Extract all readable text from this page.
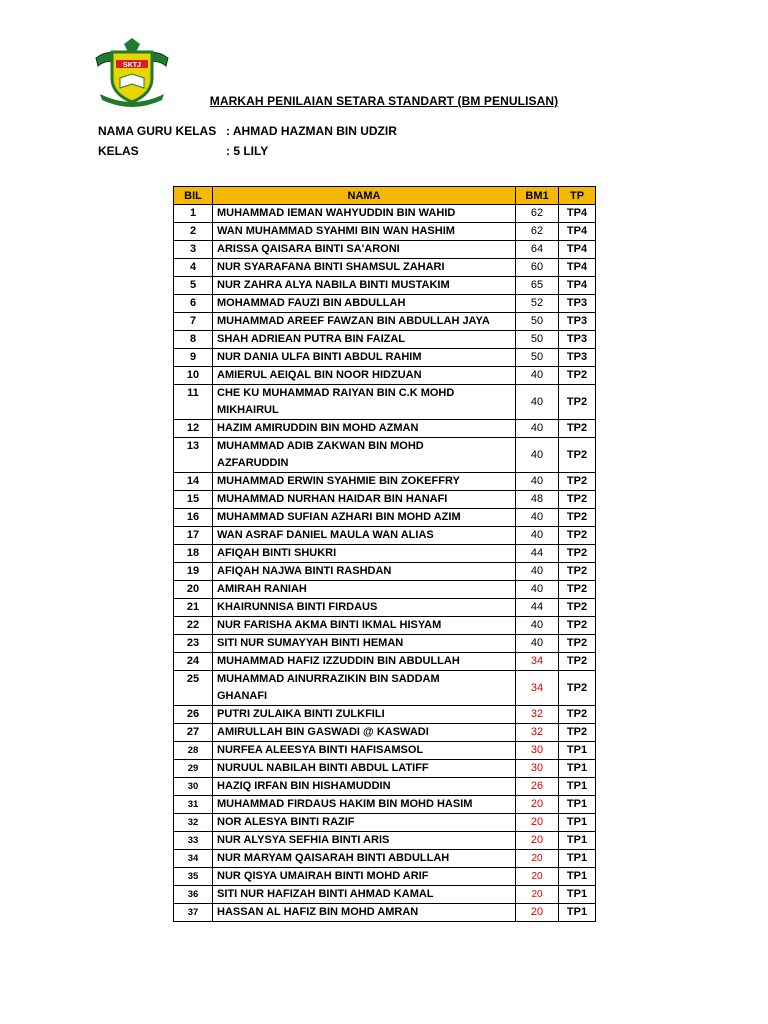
SKTJ
MARKAH PENILAIAN SETARA STANDART (BM PENULISAN)
NAMA GURU KELAS : AHMAD HAZMAN BIN UDZIR
KELAS	: 5 LILY
BIL	NAMA	BM1	TP
1	MUHAMMAD IEMAN WAHYUDDIN BIN WAHID	62	TP4
2	WAN MUHAMMAD SYAHMI BIN WAN HASHIM	62	TP4
3	ARISSA QAISARA BINTI SA'ARONI	64	TP4
4	NUR SYARAFANA BINTI SHAMSUL ZAHARI	60	TP4
5	NUR ZAHRA ALYA NABILA BINTI MUSTAKIM	65	TP4
6	MOHAMMAD FAUZI BIN ABDULLAH	52	TP3
7	MUHAMMAD AREEF FAWZAN BIN ABDULLAH JAYA	50	TP3
8	SHAH ADRIEAN PUTRA BIN FAIZAL	50	TP3
9	NUR DANIA ULFA BINTI ABDUL RAHIM	50	TP3
10	AMIERUL AEIQAL BIN NOOR HIDZUAN	40	TP2
11	CHE KU MUHAMMAD RAIYAN BIN C.K MOHD
MIKHAIRUL	40	TP2
12	HAZIM AMIRUDDIN BIN MOHD AZMAN	40	TP2
13	MUHAMMAD ADIB ZAKWAN BIN MOHD
AZFARUDDIN	40	TP2
14	MUHAMMAD ERWIN SYAHMIE BIN ZOKEFFRY	40	TP2
15	MUHAMMAD NURHAN HAIDAR BIN HANAFI	48	TP2
16	MUHAMMAD SUFIAN AZHARI BIN MOHD AZIM	40	TP2
17	WAN ASRAF DANIEL MAULA WAN ALIAS	40	TP2
18	AFIQAH BINTI SHUKRI	44	TP2
19	AFIQAH NAJWA BINTI RASHDAN	40	TP2
20	AMIRAH RANIAH	40	TP2
21	KHAIRUNNISA BINTI FIRDAUS	44	TP2
22	NUR FARISHA AKMA BINTI IKMAL HISYAM	40	TP2
23	SITI NUR SUMAYYAH BINTI HEMAN	40	TP2
24	MUHAMMAD HAFIZ IZZUDDIN BIN ABDULLAH	34	TP2
25	MUHAMMAD AINURRAZIKIN BIN SADDAM
GHANAFI	34	TP2
26	PUTRI ZULAIKA BINTI ZULKFILI	32	TP2
27	AMIRULLAH BIN GASWADI @ KASWADI	32	TP2
28	NURFEA ALEESYA BINTI HAFISAMSOL	30	TP1
29	NURUUL NABILAH BINTI ABDUL LATIFF	30	TP1
30	HAZIQ IRFAN BIN HISHAMUDDIN	26	TP1
31	MUHAMMAD FIRDAUS HAKIM BIN MOHD HASIM	20	TP1
32	NOR ALESYA BINTI RAZIF	20	TP1
33	NUR ALYSYA SEFHIA BINTI ARIS	20	TP1
34	NUR MARYAM QAISARAH BINTI ABDULLAH	20	TP1
35	NUR QISYA UMAIRAH BINTI MOHD ARIF	20	TP1
36	SITI NUR HAFIZAH BINTI AHMAD KAMAL	20	TP1
37	HASSAN AL HAFIZ BIN MOHD AMRAN	20	TP1
